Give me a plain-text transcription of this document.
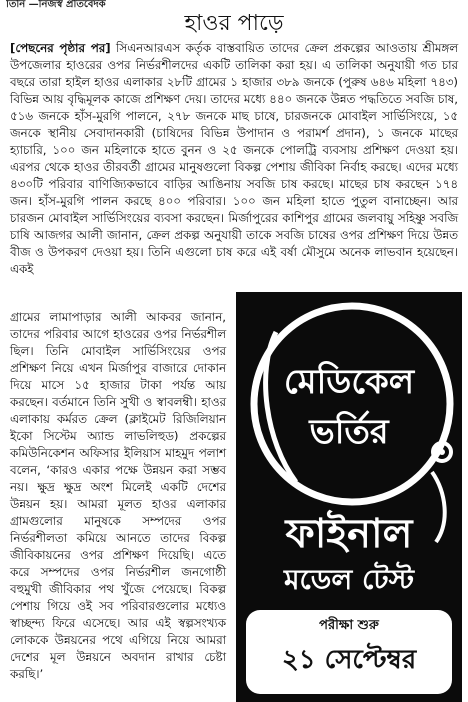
তিনি —নিজস্ব প্রতিবেদক
হাওর পাড়ে
[পেছনের পৃষ্ঠার পর] সিএনআরএস কর্তৃক বাস্তবায়িত তাদের ক্রেল প্রকল্পের আওতায় শ্রীমঙ্গল উপজেলার হাওরের ওপর নির্ভরশীলদের একটি তালিকা করা হয়। এ তালিকা অনুযায়ী গত চার বছরে তারা হাইল হাওর এলাকার ২৮টি গ্রামের ১ হাজার ৩৮৯ জনকে (পুরুষ ৬৪৬ মহিলা ৭৪৩) বিভিন্ন আয় বৃদ্ধিমূলক কাজে প্রশিক্ষণ দেয়। তাদের মধ্যে ৪৪০ জনকে উন্নত পদ্ধতিতে সবজি চাষ, ৫১৬ জনকে হাঁস-মুরগি পালনে, ২৭৮ জনকে মাছ চাষে, চারজনকে মোবাইল সার্ভিসিংয়ে, ১৫ জনকে স্থানীয় সেবাদানকারী (চাষিদের বিভিন্ন উপাদান ও পরামর্শ প্রদান), ১ জনকে মাছের হ্যাচারি, ১০০ জন মহিলাকে হাতে বুনন ও ২৫ জনকে পোলট্রি ব্যবসায় প্রশিক্ষণ দেওয়া হয়। এরপর থেকে হাওর তীরবর্তী গ্রামের মানুষগুলো বিকল্প পেশায় জীবিকা নির্বাহ করছে। এদের মধ্যে ৪৩০টি পরিবার বাণিজ্যিকভাবে বাড়ির আঙিনায় সবজি চাষ করছে। মাছের চাষ করছেন ১৭৪ জন। হাঁস-মুরগি পালন করছে ৪০০ পরিবার। ১০০ জন মহিলা হাতে পুতুল বানাচ্ছেন। আর চারজন মোবাইল সার্ভিসিংয়ের ব্যবসা করছেন। মির্জাপুরের কাশিপুর গ্রামের জলবায়ু সহিষ্ণু সবজি চাষি আজগর আলী জানান, ক্রেল প্রকল্প অনুযায়ী তাকে সবজি চাষের ওপর প্রশিক্ষণ দিয়ে উন্নত বীজ ও উপকরণ দেওয়া হয়। তিনি এগুলো চাষ করে এই বর্ষা মৌসুমে অনেক লাভবান হয়েছেন। একই
গ্রামের লামাপাড়ার আলী আকবর জানান, তাদের পরিবার আগে হাওরের ওপর নির্ভরশীল ছিল। তিনি মোবাইল সার্ভিসিংয়ের ওপর প্রশিক্ষণ নিয়ে এখন মির্জাপুর বাজারে দোকান দিয়ে মাসে ১৫ হাজার টাকা পর্যন্ত আয় করছেন। বর্তমানে তিনি সুখী ও স্বাবলম্বী। হাওর এলাকায় কর্মরত ক্রেল (ক্লাইমেট রিজিলিয়ান ইকো সিস্টেম অ্যান্ড লাভলিহুড) প্রকল্পের কমিউনিকেশন অফিসার ইলিয়াস মাহমুদ পলাশ বলেন, ‘কারও একার পক্ষে উন্নয়ন করা সম্ভব নয়। ক্ষুদ্র ক্ষুদ্র অংশ মিলেই একটি দেশের উন্নয়ন হয়। আমরা মূলত হাওর এলাকার গ্রামগুলোর মানুষকে সম্পদের ওপর নির্ভরশীলতা কমিয়ে আনতে তাদের বিকল্প জীবিকায়নের ওপর প্রশিক্ষণ দিয়েছি। এতে করে সম্পদের ওপর নির্ভরশীল জনগোষ্ঠী বহুমুখী জীবিকার পথ খুঁজে পেয়েছে। বিকল্প পেশায় গিয়ে ওই সব পরিবারগুলোর মধ্যেও স্বাচ্ছন্দ্য ফিরে এসেছে। আর এই স্বল্পসংখ্যক লোককে উন্নয়নের পথে এগিয়ে নিয়ে আমরা দেশের মূল উন্নয়নে অবদান রাখার চেষ্টা করছি।’
মেডিকেল
ভর্তির
ফাইনাল
মডেল টেস্ট
পরীক্ষা শুরু
২১ সেপ্টেম্বর
